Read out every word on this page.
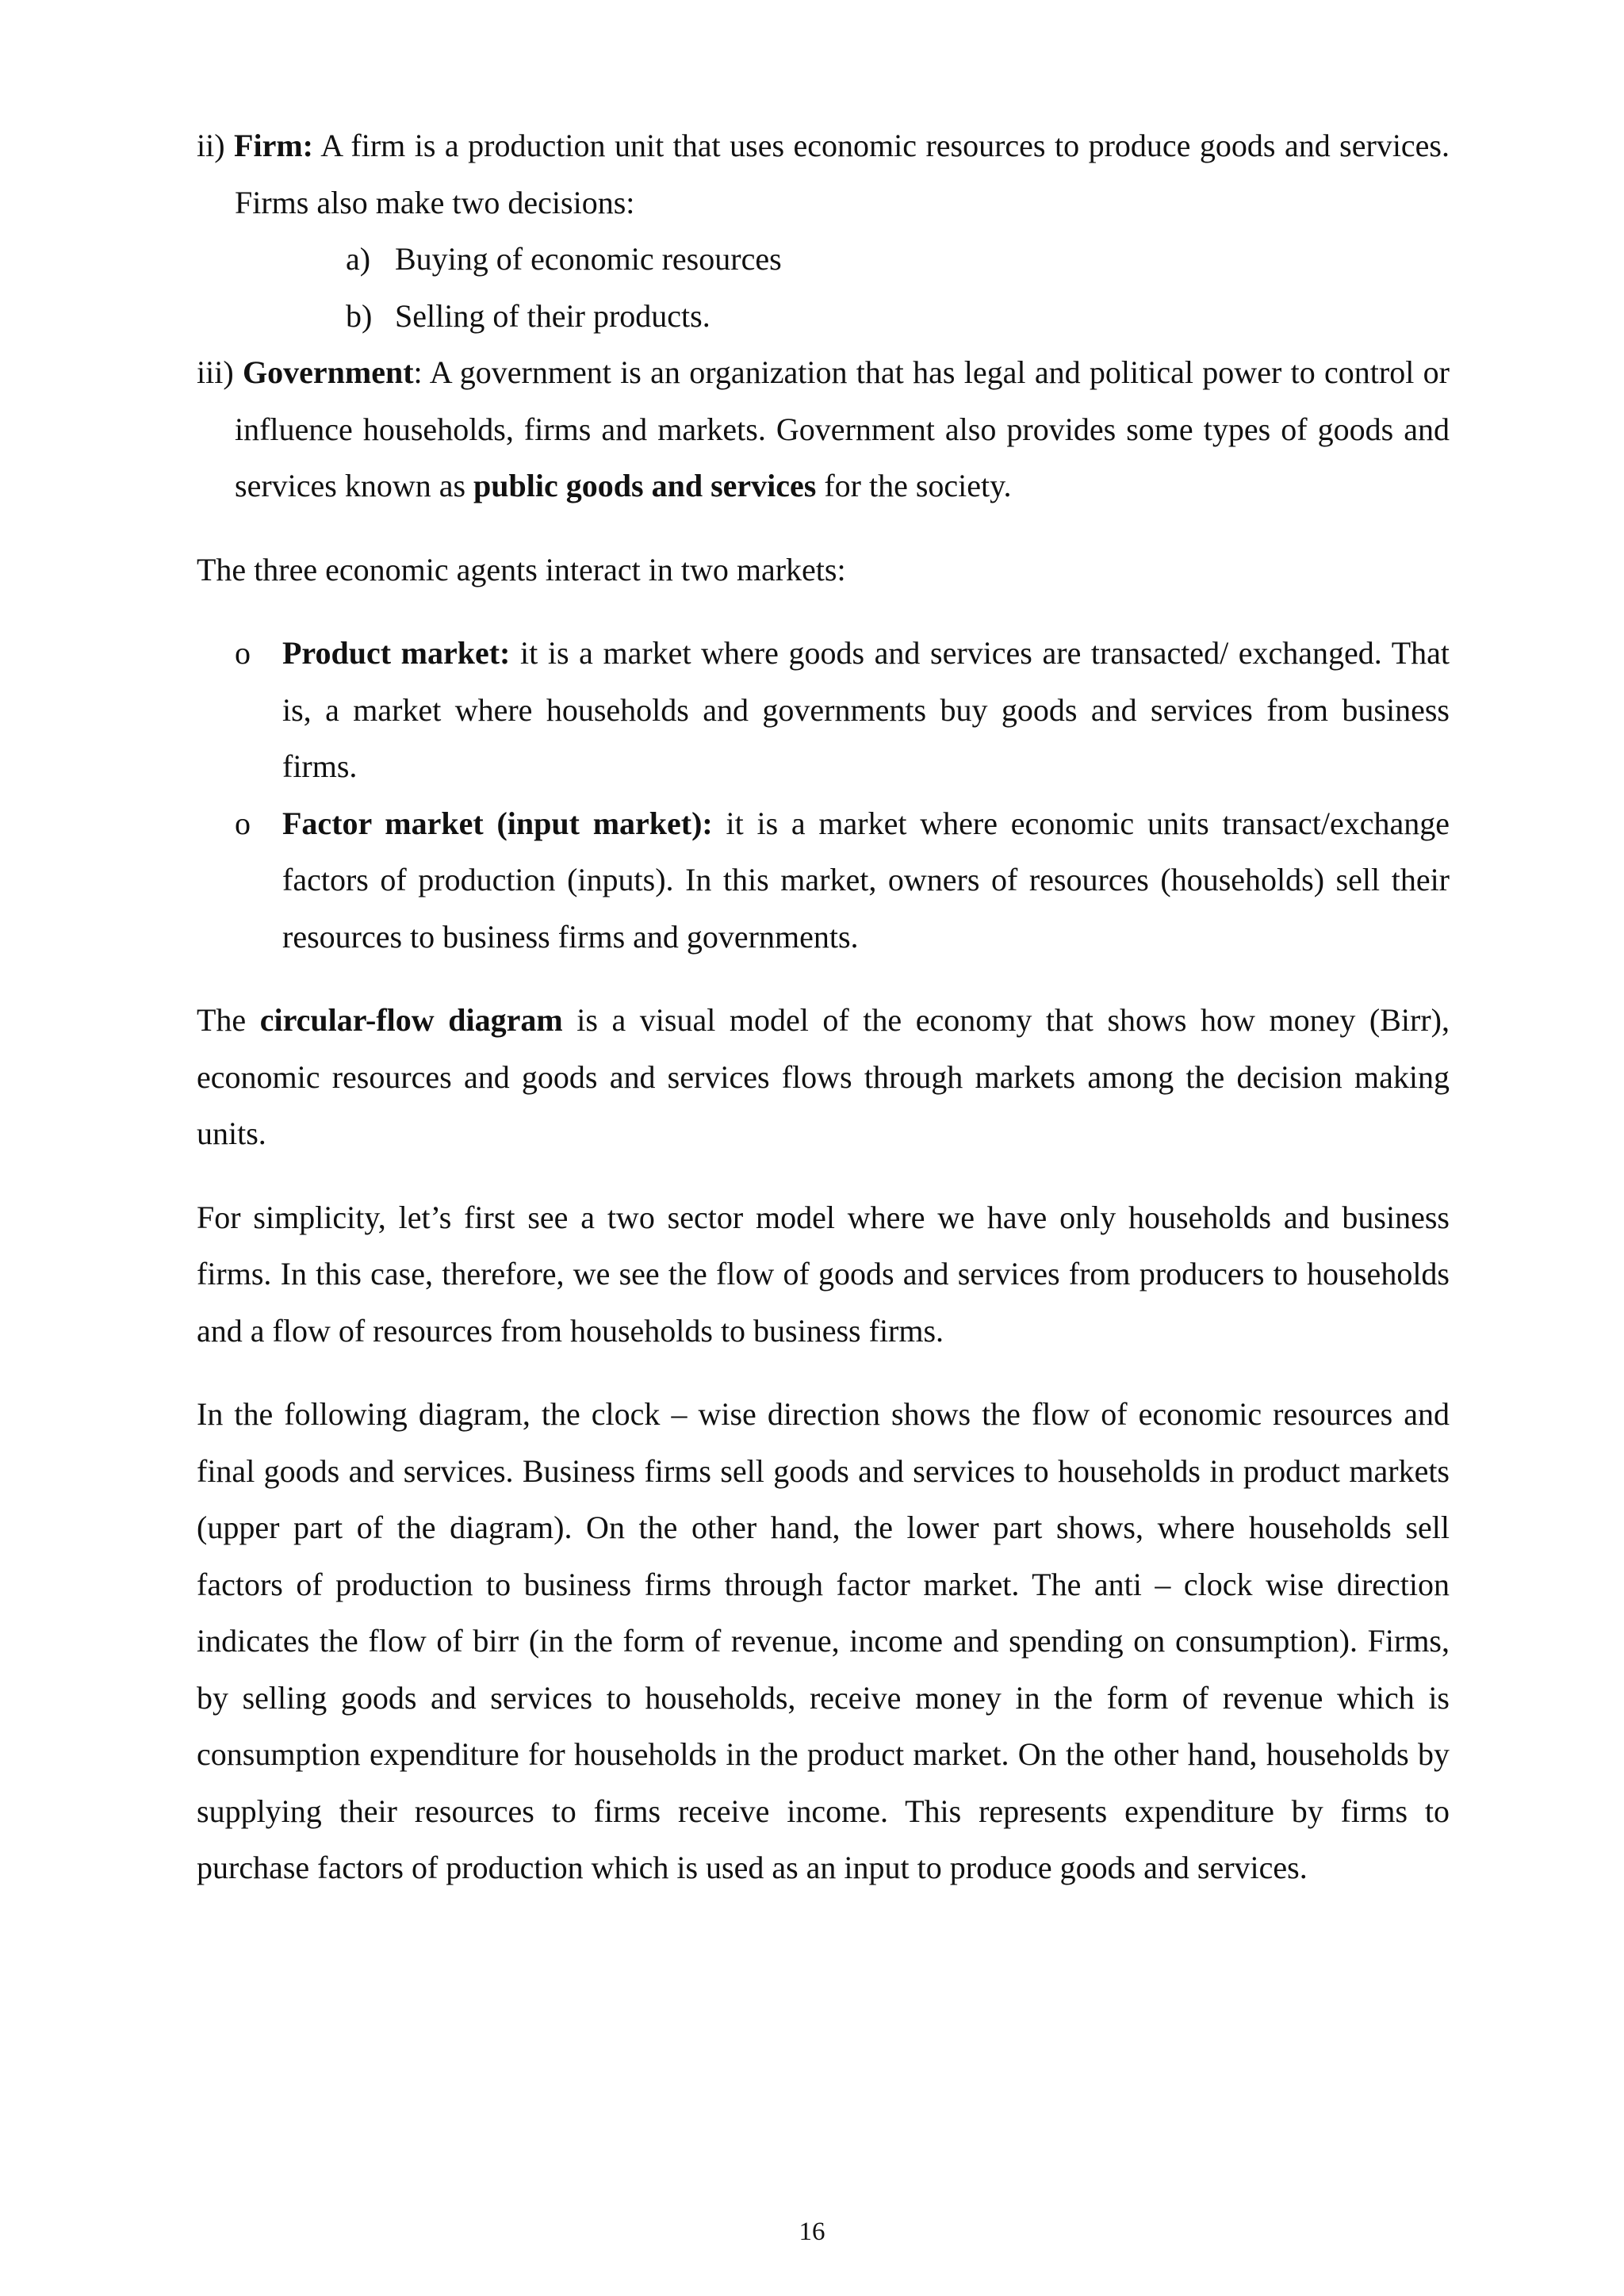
ii) Firm: A firm is a production unit that uses economic resources to produce goods and services. Firms also make two decisions:

a) Buying of economic resources

b) Selling of their products.

iii) Government: A government is an organization that has legal and political power to control or influence households, firms and markets. Government also provides some types of goods and services known as public goods and services for the society.

The three economic agents interact in two markets:

o Product market: it is a market where goods and services are transacted/ exchanged. That is, a market where households and governments buy goods and services from business firms.
o Factor market (input market): it is a market where economic units transact/exchange factors of production (inputs). In this market, owners of resources (households) sell their resources to business firms and governments.

The circular-flow diagram is a visual model of the economy that shows how money (Birr), economic resources and goods and services flows through markets among the decision making units.

For simplicity, let’s first see a two sector model where we have only households and business firms. In this case, therefore, we see the flow of goods and services from producers to households and a flow of resources from households to business firms.

In the following diagram, the clock – wise direction shows the flow of economic resources and final goods and services. Business firms sell goods and services to households in product markets (upper part of the diagram). On the other hand, the lower part shows, where households sell factors of production to business firms through factor market. The anti – clock wise direction indicates the flow of birr (in the form of revenue, income and spending on consumption). Firms, by selling goods and services to households, receive money in the form of revenue which is consumption expenditure for households in the product market. On the other hand, households by supplying their resources to firms receive income. This represents expenditure by firms to purchase factors of production which is used as an input to produce goods and services.

16
